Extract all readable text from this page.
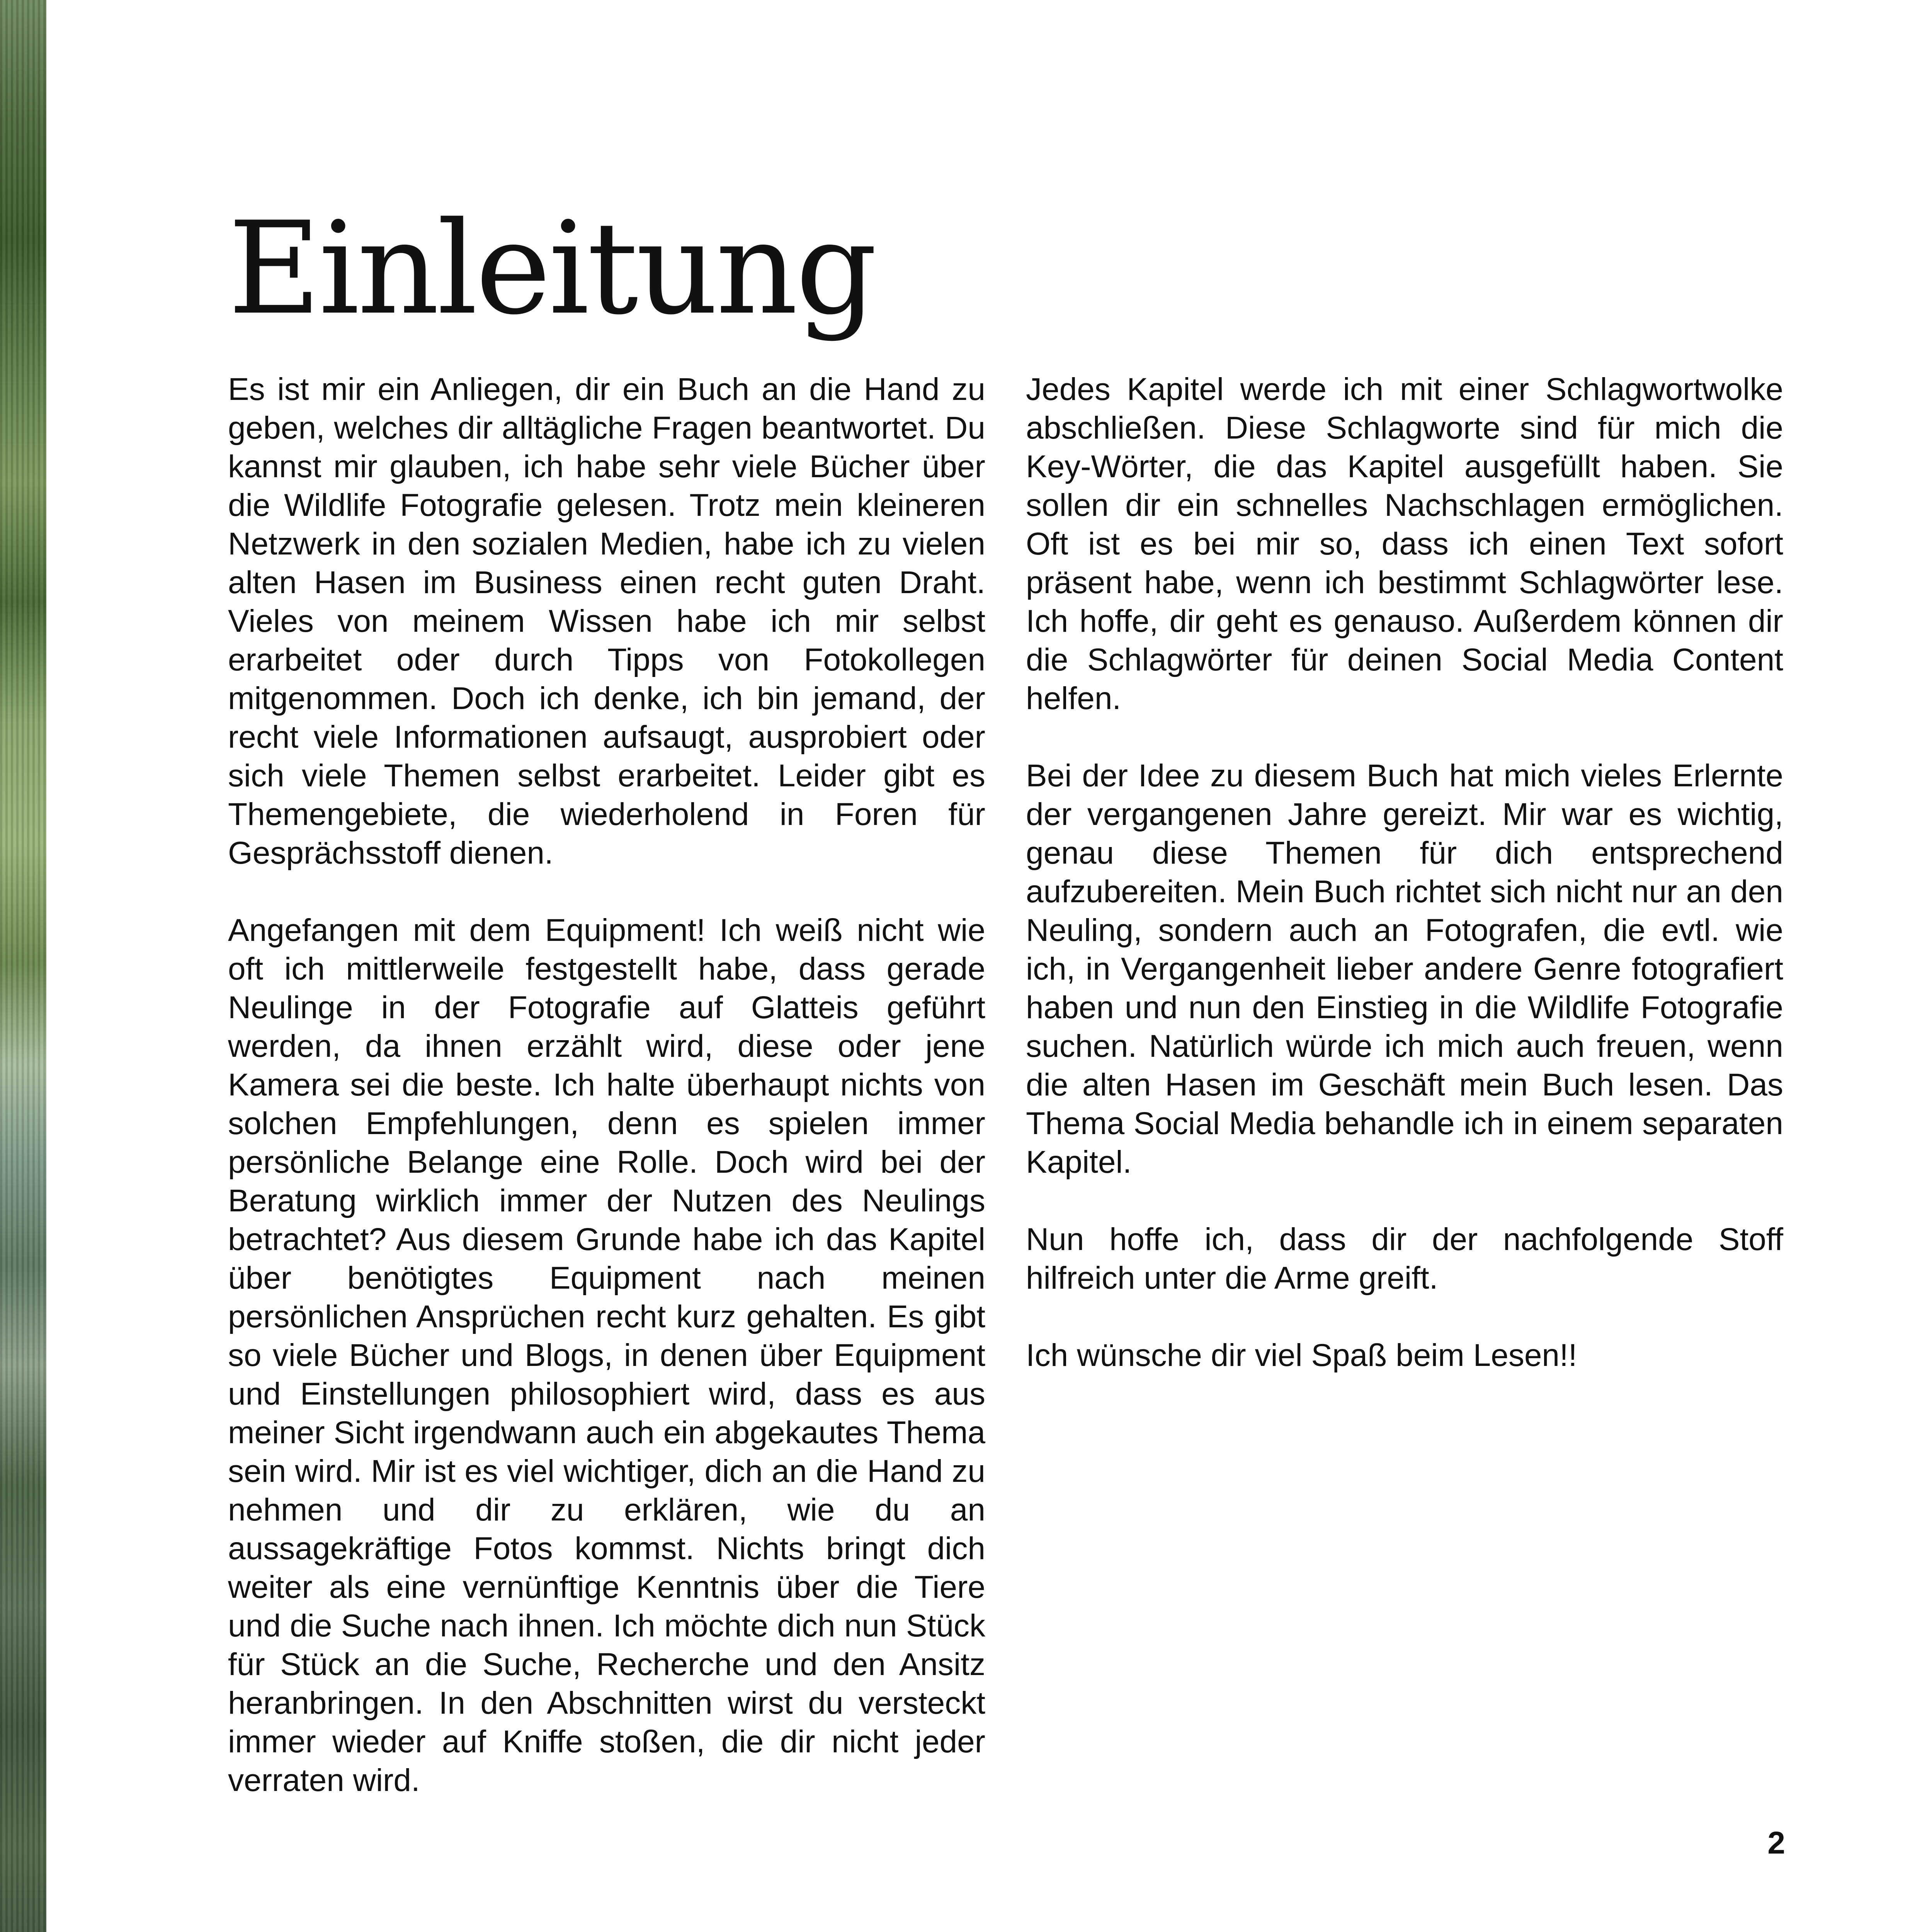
Einleitung

Es ist mir ein Anliegen, dir ein Buch an die Hand zu geben, welches dir alltägliche Fragen beantwortet. Du kannst mir glauben, ich habe sehr viele Bücher über die Wildlife Fotografie gelesen. Trotz mein kleineren Netzwerk in den sozialen Medien, habe ich zu vielen alten Hasen im Business einen recht guten Draht. Vieles von meinem Wissen habe ich mir selbst erarbeitet oder durch Tipps von Fotokollegen mitgenommen. Doch ich denke, ich bin jemand, der recht viele Informationen aufsaugt, ausprobiert oder sich viele Themen selbst erarbeitet. Leider gibt es Themengebiete, die wiederholend in Foren für Gesprächsstoff dienen.

Angefangen mit dem Equipment! Ich weiß nicht wie oft ich mittlerweile festgestellt habe, dass gerade Neulinge in der Fotografie auf Glatteis geführt werden, da ihnen erzählt wird, diese oder jene Kamera sei die beste. Ich halte überhaupt nichts von solchen Empfehlungen, denn es spielen immer persönliche Belange eine Rolle. Doch wird bei der Beratung wirklich immer der Nutzen des Neulings betrachtet? Aus diesem Grunde habe ich das Kapitel über benötigtes Equipment nach meinen persönlichen Ansprüchen recht kurz gehalten. Es gibt so viele Bücher und Blogs, in denen über Equipment und Einstellungen philosophiert wird, dass es aus meiner Sicht irgendwann auch ein abgekautes Thema sein wird. Mir ist es viel wichtiger, dich an die Hand zu nehmen und dir zu erklären, wie du an aussagekräftige Fotos kommst. Nichts bringt dich weiter als eine vernünftige Kenntnis über die Tiere und die Suche nach ihnen. Ich möchte dich nun Stück für Stück an die Suche, Recherche und den Ansitz heranbringen. In den Abschnitten wirst du versteckt immer wieder auf Kniffe stoßen, die dir nicht jeder verraten wird.

Jedes Kapitel werde ich mit einer Schlagwortwolke abschließen. Diese Schlagworte sind für mich die Key-Wörter, die das Kapitel ausgefüllt haben. Sie sollen dir ein schnelles Nachschlagen ermöglichen. Oft ist es bei mir so, dass ich einen Text sofort präsent habe, wenn ich bestimmt Schlagwörter lese. Ich hoffe, dir geht es genauso. Außerdem können dir die Schlagwörter für deinen Social Media Content helfen.

Bei der Idee zu diesem Buch hat mich vieles Erlernte der vergangenen Jahre gereizt. Mir war es wichtig, genau diese Themen für dich entsprechend aufzubereiten. Mein Buch richtet sich nicht nur an den Neuling, sondern auch an Fotografen, die evtl. wie ich, in Vergangenheit lieber andere Genre fotografiert haben und nun den Einstieg in die Wildlife Fotografie suchen. Natürlich würde ich mich auch freuen, wenn die alten Hasen im Geschäft mein Buch lesen. Das Thema Social Media behandle ich in einem separaten Kapitel.

Nun hoffe ich, dass dir der nachfolgende Stoff hilfreich unter die Arme greift.

Ich wünsche dir viel Spaß beim Lesen!!

2
